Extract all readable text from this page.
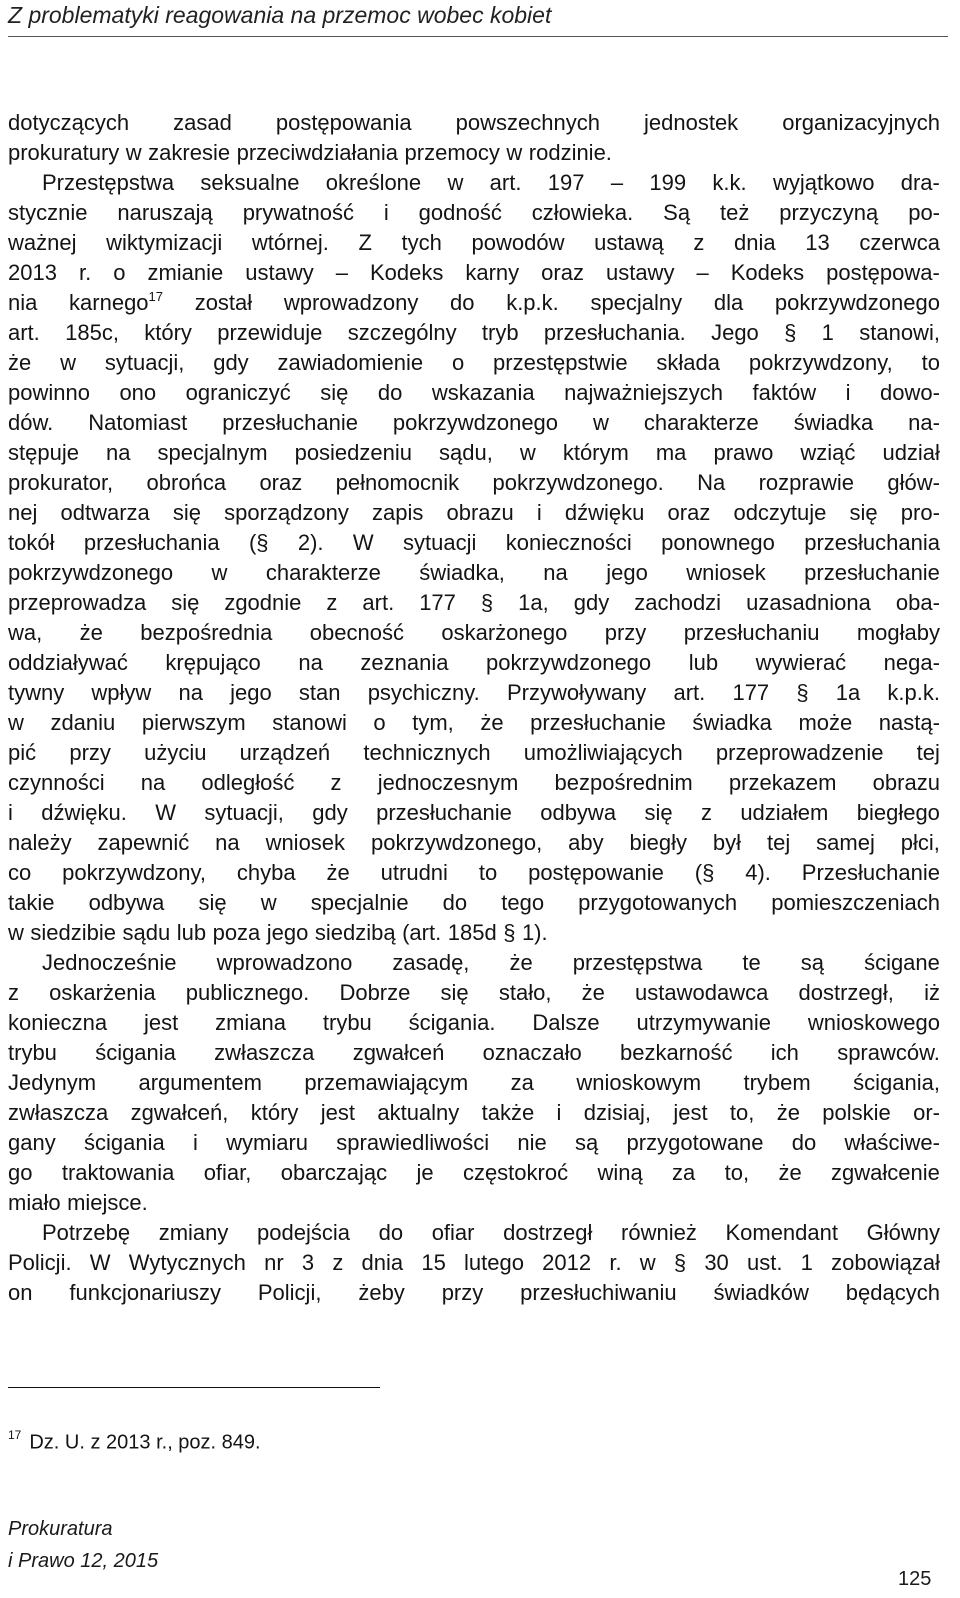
Z problematyki reagowania na przemoc wobec kobiet
dotyczących zasad postępowania powszechnych jednostek organizacyjnych
prokuratury w zakresie przeciwdziałania przemocy w rodzinie.
Przestępstwa seksualne określone w art. 197 – 199 k.k. wyjątkowo dra-
stycznie naruszają prywatność i godność człowieka. Są też przyczyną po-
ważnej wiktymizacji wtórnej. Z tych powodów ustawą z dnia 13 czerwca
2013 r. o zmianie ustawy – Kodeks karny oraz ustawy – Kodeks postępowa-
nia karnego$^{17}$ został wprowadzony do k.p.k. specjalny dla pokrzywdzonego
art. 185c, który przewiduje szczególny tryb przesłuchania. Jego § 1 stanowi,
że w sytuacji, gdy zawiadomienie o przestępstwie składa pokrzywdzony, to
powinno ono ograniczyć się do wskazania najważniejszych faktów i dowo-
dów. Natomiast przesłuchanie pokrzywdzonego w charakterze świadka na-
stępuje na specjalnym posiedzeniu sądu, w którym ma prawo wziąć udział
prokurator, obrońca oraz pełnomocnik pokrzywdzonego. Na rozprawie głów-
nej odtwarza się sporządzony zapis obrazu i dźwięku oraz odczytuje się pro-
tokół przesłuchania (§ 2). W sytuacji konieczności ponownego przesłuchania
pokrzywdzonego w charakterze świadka, na jego wniosek przesłuchanie
przeprowadza się zgodnie z art. 177 § 1a, gdy zachodzi uzasadniona oba-
wa, że bezpośrednia obecność oskarżonego przy przesłuchaniu mogłaby
oddziaływać krępująco na zeznania pokrzywdzonego lub wywierać nega-
tywny wpływ na jego stan psychiczny. Przywoływany art. 177 § 1a k.p.k.
w zdaniu pierwszym stanowi o tym, że przesłuchanie świadka może nastą-
pić przy użyciu urządzeń technicznych umożliwiających przeprowadzenie tej
czynności na odległość z jednoczesnym bezpośrednim przekazem obrazu
i dźwięku. W sytuacji, gdy przesłuchanie odbywa się z udziałem biegłego
należy zapewnić na wniosek pokrzywdzonego, aby biegły był tej samej płci,
co pokrzywdzony, chyba że utrudni to postępowanie (§ 4). Przesłuchanie
takie odbywa się w specjalnie do tego przygotowanych pomieszczeniach
w siedzibie sądu lub poza jego siedzibą (art. 185d § 1).
Jednocześnie wprowadzono zasadę, że przestępstwa te są ścigane
z oskarżenia publicznego. Dobrze się stało, że ustawodawca dostrzegł, iż
konieczna jest zmiana trybu ścigania. Dalsze utrzymywanie wnioskowego
trybu ścigania zwłaszcza zgwałceń oznaczało bezkarność ich sprawców.
Jedynym argumentem przemawiającym za wnioskowym trybem ścigania,
zwłaszcza zgwałceń, który jest aktualny także i dzisiaj, jest to, że polskie or-
gany ścigania i wymiaru sprawiedliwości nie są przygotowane do właściwe-
go traktowania ofiar, obarczając je częstokroć winą za to, że zgwałcenie
miało miejsce.
Potrzebę zmiany podejścia do ofiar dostrzegł również Komendant Główny
Policji. W Wytycznych nr 3 z dnia 15 lutego 2012 r. w § 30 ust. 1 zobowiązał
on funkcjonariuszy Policji, żeby przy przesłuchiwaniu świadków będących
$^{17}$ Dz. U. z 2013 r., poz. 849.
Prokuratura
i Prawo 12, 2015
125
